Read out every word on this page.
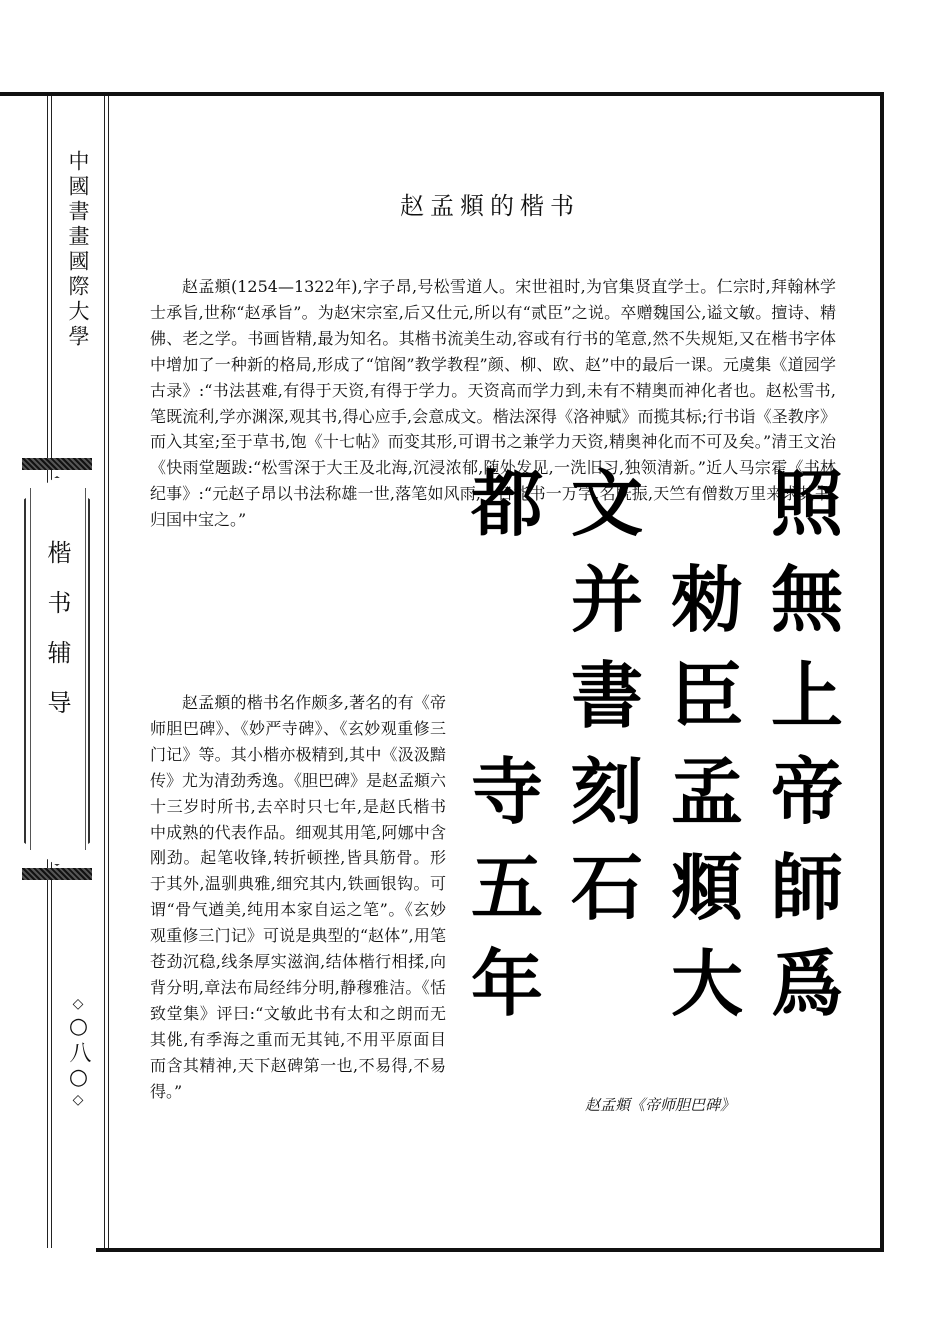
中國書畫國際大學
楷书辅导
◇○八○◇
赵孟頫的楷书

赵孟頫(1254—1322年),字子昂,号松雪道人。宋世祖时,为官集贤直学士。仁宗时,拜翰林学士承旨,世称“赵承旨”。为赵宋宗室,后又仕元,所以有“贰臣”之说。卒赠魏国公,谥文敏。擅诗、精佛、老之学。书画皆精,最为知名。其楷书流美生动,容或有行书的笔意,然不失规矩,又在楷书字体中增加了一种新的格局,形成了“馆阁”教学教程”颜、柳、欧、赵”中的最后一课。元虞集《道园学古录》:“书法甚难,有得于天资,有得于学力。天资高而学力到,未有不精奥而神化者也。赵松雪书,笔既流利,学亦渊深,观其书,得心应手,会意成文。楷法深得《洛神赋》而揽其标;行书诣《圣教序》而入其室;至于草书,饱《十七帖》而变其形,可谓书之兼学力天资,精奥神化而不可及矣。”清王文治《快雨堂题跋:“松雪深于大王及北海,沉浸浓郁,随处发见,一洗旧习,独领清新。”近人马宗霍《书林纪事》:“元赵子昂以书法称雄一世,落笔如风雨,一日能书一万字,名既振,天竺有僧数万里来求其书,归国中宝之。”

赵孟頫的楷书名作颇多,著名的有《帝师胆巴碑》、《妙严寺碑》、《玄妙观重修三门记》等。其小楷亦极精到,其中《汲汲黯传》尤为清劲秀逸。《胆巴碑》是赵孟頫六十三岁时所书,去卒时只七年,是赵氏楷书中成熟的代表作品。细观其用笔,阿娜中含刚劲。起笔收锋,转折顿挫,皆具筋骨。形于其外,温驯典雅,细究其内,铁画银钩。可谓“骨气遒美,纯用本家自运之笔”。《玄妙观重修三门记》可说是典型的“赵体”,用笔苍劲沉稳,线条厚实滋润,结体楷行相揉,向背分明,章法布局经纬分明,静穆雅洁。《恬致堂集》评曰:“文敏此书有太和之朗而无其佻,有季海之重而无其钝,不用平原面目而含其精神,天下赵碑第一也,不易得,不易得。”

照
無
上
帝
師
爲
勑
臣
孟
頫
大
文
并
書
刻
石
都
寺
五
年
赵孟頫《帝师胆巴碑》
